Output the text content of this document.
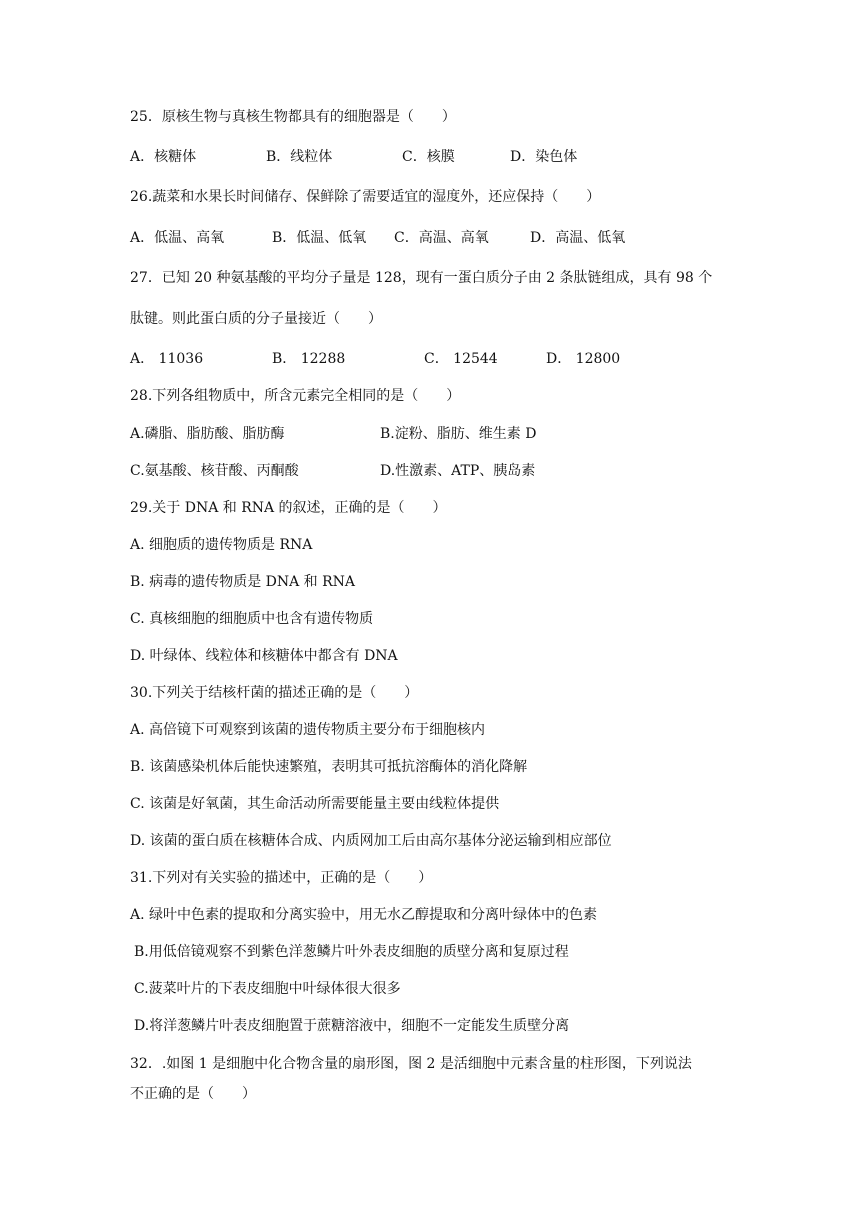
25．原核生物与真核生物都具有的细胞器是（　　）
A．核糖体	B．线粒体	C．核膜	D．染色体
26.蔬菜和水果长时间储存、保鲜除了需要适宜的湿度外，还应保持（　　）
A．低温、高氧	B．低温、低氧 C．高温、高氧	D．高温、低氧
27．已知 20 种氨基酸的平均分子量是 128，现有一蛋白质分子由 2 条肽链组成，具有 98 个
肽键。则此蛋白质的分子量接近（　　）
A． 11036	B． 12288	C． 12544	D． 12800
28.下列各组物质中，所含元素完全相同的是（　　）
A.磷脂、脂肪酸、脂肪酶	B.淀粉、脂肪、维生素 D
C.氨基酸、核苷酸、丙酮酸	D.性激素、ATP、胰岛素
29.关于 DNA 和 RNA 的叙述，正确的是（　　）
A. 细胞质的遗传物质是 RNA
B. 病毒的遗传物质是 DNA 和 RNA
C. 真核细胞的细胞质中也含有遗传物质
D. 叶绿体、线粒体和核糖体中都含有 DNA
30.下列关于结核杆菌的描述正确的是（　　）
A. 高倍镜下可观察到该菌的遗传物质主要分布于细胞核内
B. 该菌感染机体后能快速繁殖，表明其可抵抗溶酶体的消化降解
C. 该菌是好氧菌，其生命活动所需要能量主要由线粒体提供
D. 该菌的蛋白质在核糖体合成、内质网加工后由高尔基体分泌运输到相应部位
31.下列对有关实验的描述中，正确的是（　　）
A. 绿叶中色素的提取和分离实验中，用无水乙醇提取和分离叶绿体中的色素
B.用低倍镜观察不到紫色洋葱鳞片叶外表皮细胞的质壁分离和复原过程
C.菠菜叶片的下表皮细胞中叶绿体很大很多
D.将洋葱鳞片叶表皮细胞置于蔗糖溶液中，细胞不一定能发生质壁分离
32．.如图 1 是细胞中化合物含量的扇形图，图 2 是活细胞中元素含量的柱形图，下列说法
不正确的是（　　）
